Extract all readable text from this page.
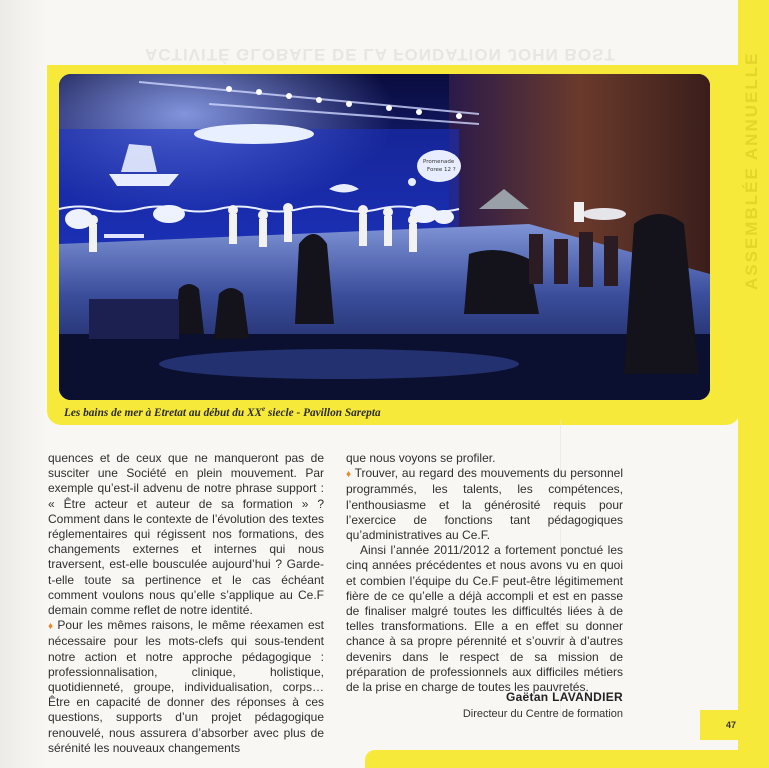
ACTIVITÉ GLOBALE DE LA FONDATION JOHN BOST	ASSEMBLÉE ANNUELLE
Promenade
Foree 12 ?
Les bains de mer à Etretat au début du XXe siecle - Pavillon Sarepta

quences et de ceux que ne manqueront pas de susciter une Société en plein mouvement. Par exemple qu’est-il advenu de notre phrase support : « Être acteur et auteur de sa formation » ? Comment dans le contexte de l’évolution des textes réglementaires qui régissent nos formations, des changements externes et internes qui nous traversent, est-elle bousculée aujourd’hui ? Garde-t-elle toute sa pertinence et le cas échéant comment voulons nous qu’elle s’applique au Ce.F demain comme reflet de notre identité.

♦ Pour les mêmes raisons, le même réexamen est nécessaire pour les mots-clefs qui sous-tendent notre action et notre approche pédagogique : professionnalisation, clinique, holistique, quotidienneté, groupe, individualisation, corps… Être en capacité de donner des réponses à ces questions, supports d’un projet pédagogique renouvelé, nous assurera d’absorber avec plus de sérénité les nouveaux changements

que nous voyons se profiler.

♦ Trouver, au regard des mouvements du personnel programmés, les talents, les compétences, l’enthousiasme et la générosité requis pour l’exercice de fonctions tant pédagogiques qu’administratives au Ce.F.

Ainsi l’année 2011/2012 a fortement ponctué les cinq années précédentes et nous avons vu en quoi et combien l’équipe du Ce.F peut-être légitimement fière de ce qu’elle a déjà accompli et est en passe de finaliser malgré toutes les difficultés liées à de telles transformations. Elle a en effet su donner chance à sa propre pérennité et s’ouvrir à d’autres devenirs dans le respect de sa mission de préparation de professionnels aux difficiles métiers de la prise en charge de toutes les pauvretés.

Gaëtan LAVANDIER
Directeur du Centre de formation
47
